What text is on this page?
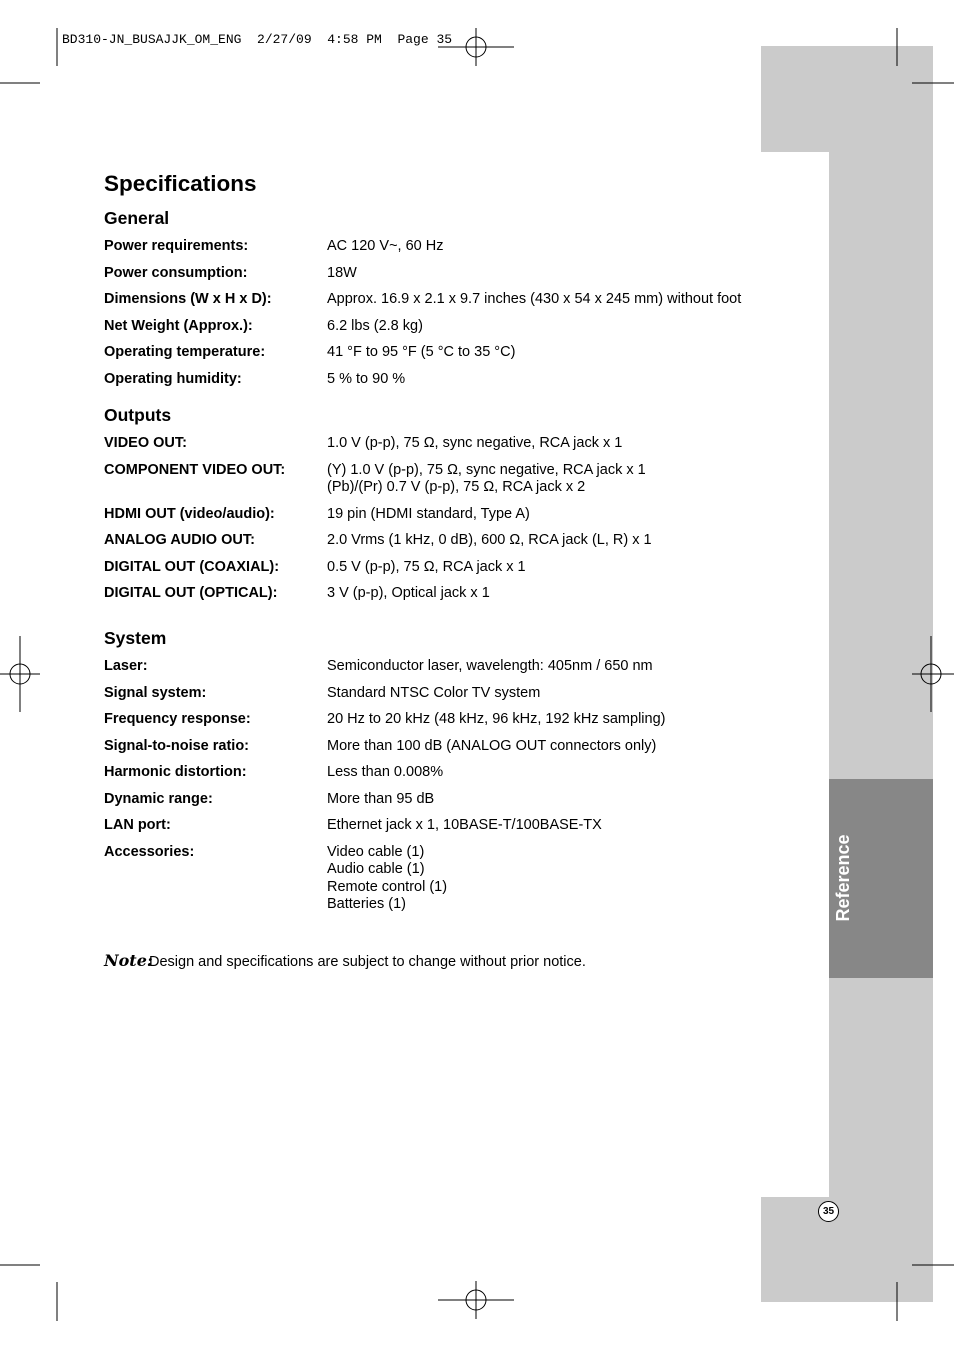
Reference
35
BD310-JN_BUSAJJK_OM_ENG  2/27/09  4:58 PM  Page 35
Specifications
General
Power requirements:	AC 120 V~, 60 Hz
Power consumption:	18W
Dimensions (W x H x D):	Approx. 16.9 x 2.1 x 9.7 inches (430 x 54 x 245 mm) without foot
Net Weight (Approx.):	6.2 lbs (2.8 kg)
Operating temperature:	41 °F to 95 °F (5 °C to 35 °C)
Operating humidity:	5 % to 90 %
Outputs
VIDEO OUT:	1.0 V (p-p), 75 Ω, sync negative, RCA jack x 1
COMPONENT VIDEO OUT:	(Y) 1.0 V (p-p), 75 Ω, sync negative, RCA jack x 1
(Pb)/(Pr) 0.7 V (p-p), 75 Ω, RCA jack x 2
HDMI OUT (video/audio):	19 pin (HDMI standard, Type A)
ANALOG AUDIO OUT:	2.0 Vrms (1 kHz, 0 dB), 600 Ω, RCA jack (L, R) x 1
DIGITAL OUT (COAXIAL):	0.5 V (p-p), 75 Ω, RCA jack x 1
DIGITAL OUT (OPTICAL):	3 V (p-p), Optical jack x 1
System
Laser:	Semiconductor laser, wavelength: 405nm / 650 nm
Signal system:	Standard NTSC Color TV system
Frequency response:	20 Hz to 20 kHz (48 kHz, 96 kHz, 192 kHz sampling)
Signal-to-noise ratio:	More than 100 dB (ANALOG OUT connectors only)
Harmonic distortion:	Less than 0.008%
Dynamic range:	More than 95 dB
LAN port:	Ethernet jack x 1, 10BASE-T/100BASE-TX
Accessories:	Video cable (1)
Audio cable (1)
Remote control (1)
Batteries (1)
Note:
Design and specifications are subject to change without prior notice.
